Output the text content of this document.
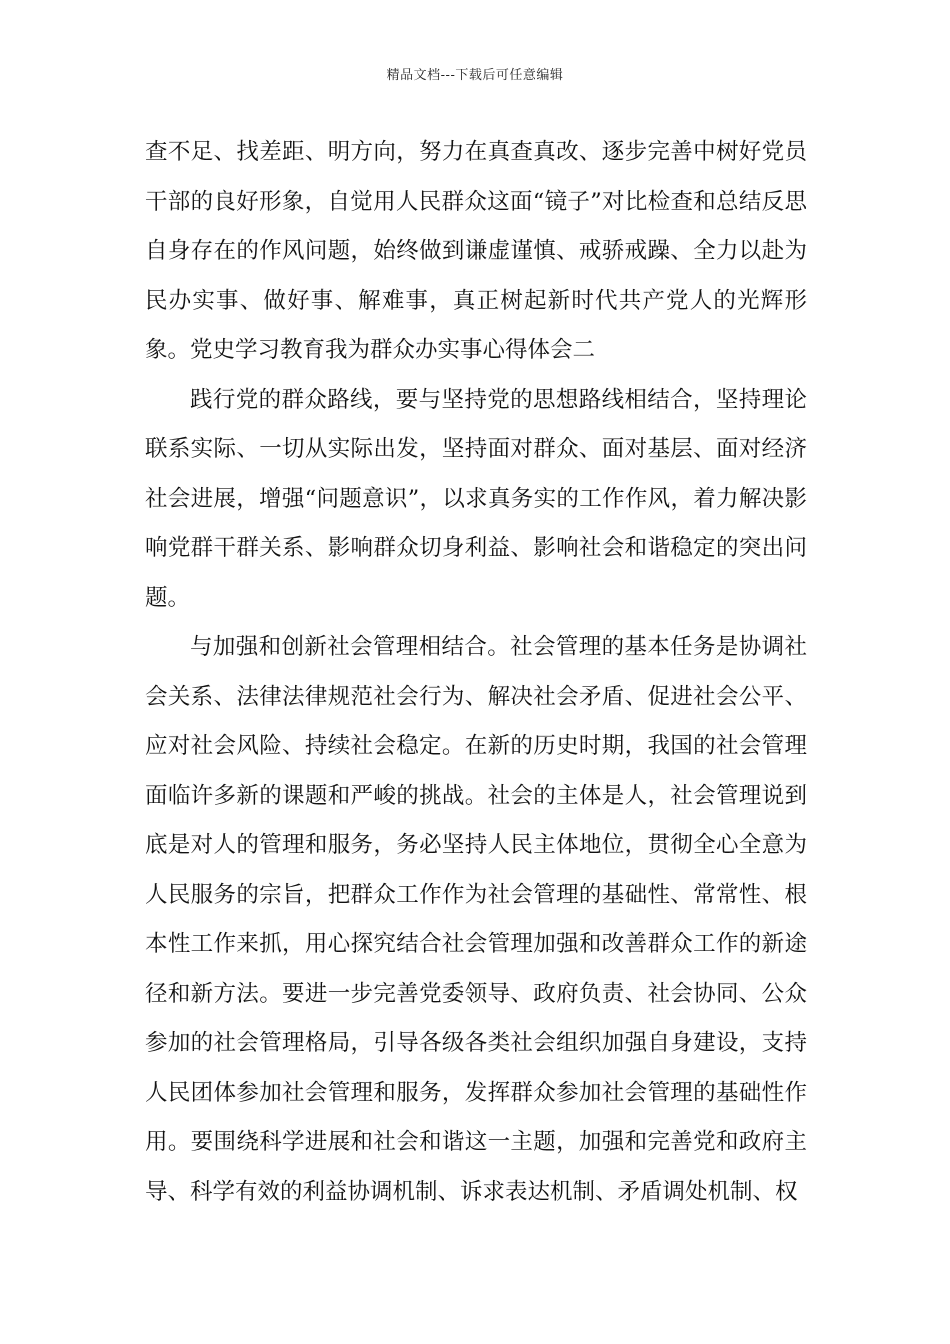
精品文档---下载后可任意编辑

查不足、找差距、明方向，努力在真查真改、逐步完善中树好党员干部的良好形象，自觉用人民群众这面“镜子”对比检查和总结反思自身存在的作风问题，始终做到谦虚谨慎、戒骄戒躁、全力以赴为民办实事、做好事、解难事，真正树起新时代共产党人的光辉形象。党史学习教育我为群众办实事心得体会二

践行党的群众路线，要与坚持党的思想路线相结合，坚持理论联系实际、一切从实际出发，坚持面对群众、面对基层、面对经济社会进展，增强“问题意识”，以求真务实的工作作风，着力解决影响党群干群关系、影响群众切身利益、影响社会和谐稳定的突出问题。

与加强和创新社会管理相结合。社会管理的基本任务是协调社会关系、法律法律规范社会行为、解决社会矛盾、促进社会公平、应对社会风险、持续社会稳定。在新的历史时期，我国的社会管理面临许多新的课题和严峻的挑战。社会的主体是人，社会管理说到底是对人的管理和服务，务必坚持人民主体地位，贯彻全心全意为人民服务的宗旨，把群众工作作为社会管理的基础性、常常性、根本性工作来抓，用心探究结合社会管理加强和改善群众工作的新途径和新方法。要进一步完善党委领导、政府负责、社会协同、公众参加的社会管理格局，引导各级各类社会组织加强自身建设，支持人民团体参加社会管理和服务，发挥群众参加社会管理的基础性作用。要围绕科学进展和社会和谐这一主题，加强和完善党和政府主导、科学有效的利益协调机制、诉求表达机制、矛盾调处机制、权
